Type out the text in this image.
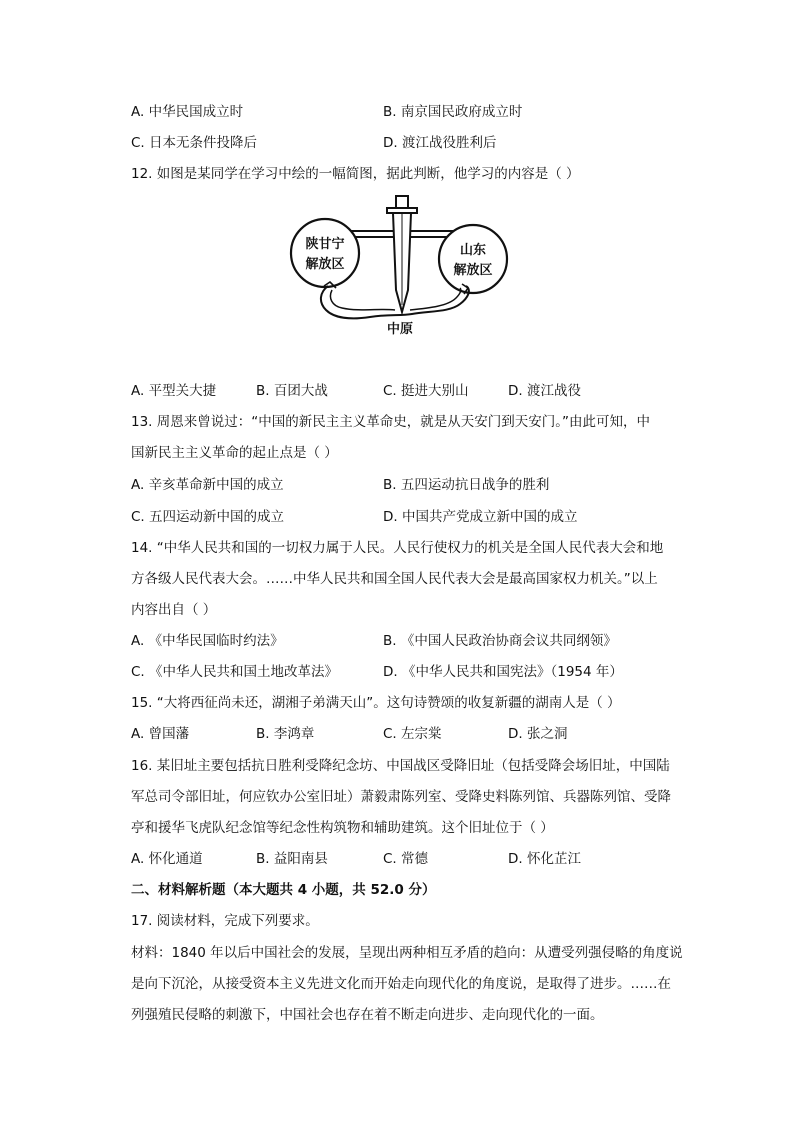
A. 中华民国成立时	B. 南京国民政府成立时
C. 日本无条件投降后	D. 渡江战役胜利后
12. 如图是某同学在学习中绘的一幅简图，据此判断，他学习的内容是（ ）
陕甘宁
解放区
山东
解放区
中原
A. 平型关大捷	B. 百团大战	C. 挺进大别山	D. 渡江战役
13. 周恩来曾说过：“中国的新民主主义革命史，就是从天安门到天安门。”由此可知，中
国新民主主义革命的起止点是（ ）
A. 辛亥革命新中国的成立	B. 五四运动抗日战争的胜利
C. 五四运动新中国的成立	D. 中国共产党成立新中国的成立
14. “中华人民共和国的一切权力属于人民。人民行使权力的机关是全国人民代表大会和地
方各级人民代表大会。……中华人民共和国全国人民代表大会是最高国家权力机关。”以上
内容出自（ ）
A. 《中华民国临时约法》	B. 《中国人民政治协商会议共同纲领》
C. 《中华人民共和国土地改革法》	D. 《中华人民共和国宪法》（1954 年）
15. “大将西征尚未还，湖湘子弟满天山”。这句诗赞颂的收复新疆的湖南人是（ ）
A. 曾国藩	B. 李鸿章	C. 左宗棠	D. 张之洞
16. 某旧址主要包括抗日胜利受降纪念坊、中国战区受降旧址（包括受降会场旧址，中国陆
军总司令部旧址，何应钦办公室旧址）萧毅肃陈列室、受降史料陈列馆、兵器陈列馆、受降
亭和援华飞虎队纪念馆等纪念性构筑物和辅助建筑。这个旧址位于（ ）
A. 怀化通道	B. 益阳南县	C. 常德	D. 怀化芷江
二、材料解析题（本大题共 4 小题，共 52.0 分）
17. 阅读材料，完成下列要求。
材料：1840 年以后中国社会的发展，呈现出两种相互矛盾的趋向：从遭受列强侵略的角度说
是向下沉沦，从接受资本主义先进文化而开始走向现代化的角度说，是取得了进步。……在
列强殖民侵略的刺激下，中国社会也存在着不断走向进步、走向现代化的一面。
